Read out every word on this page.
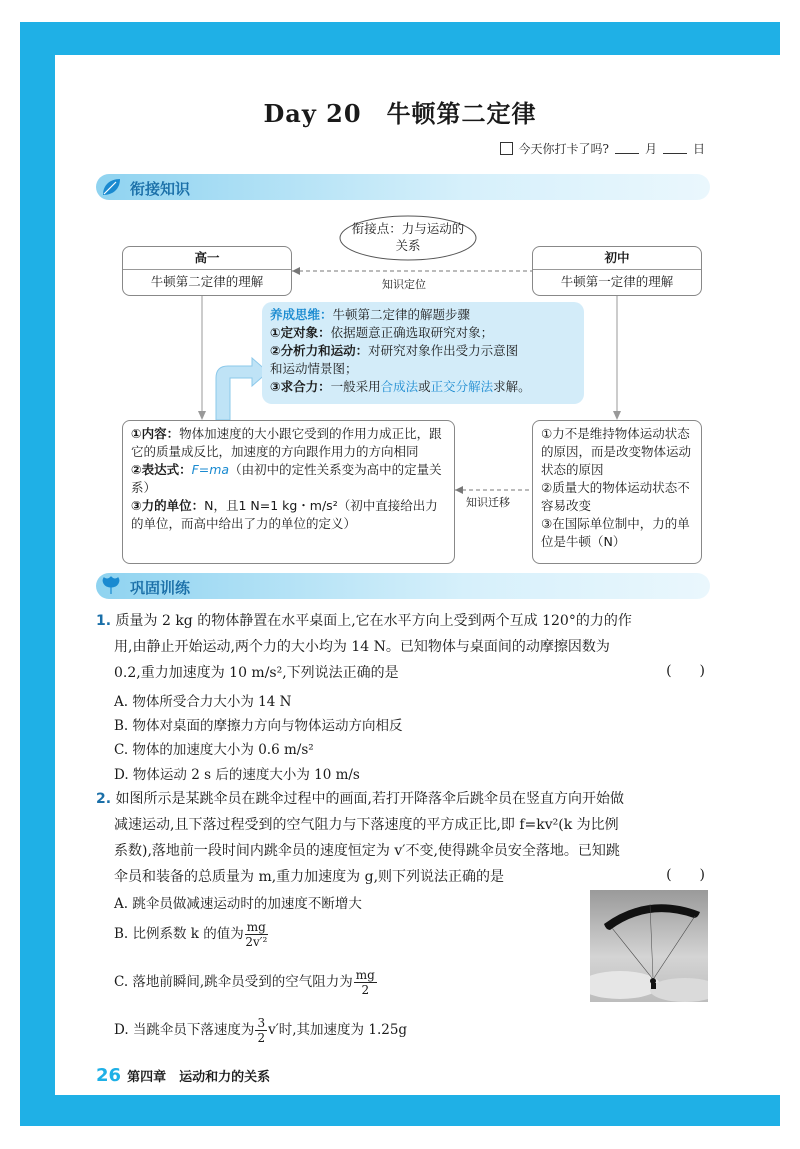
Day 20　牛顿第二定律
今天你打卡了吗?	月	日
衔接知识
衔接点：力与运动的关系
高一
牛顿第二定律的理解
初中
牛顿第一定律的理解
知识定位
养成思维：牛顿第二定律的解题步骤
①定对象：依据题意正确选取研究对象；
②分析力和运动：对研究对象作出受力示意图
和运动情景图；
③求合力：一般采用合成法或正交分解法求解。
①内容：物体加速度的大小跟它受到的作用力成正比，跟它的质量成反比，加速度的方向跟作用力的方向相同
②表达式：F=ma（由初中的定性关系变为高中的定量关系）
③力的单位：N，且1 N=1 kg・m/s²（初中直接给出力的单位，而高中给出了力的单位的定义）
知识迁移
①力不是维持物体运动状态的原因，而是改变物体运动状态的原因
②质量大的物体运动状态不容易改变
③在国际单位制中，力的单位是牛顿（N）
巩固训练
1. 质量为 2 kg 的物体静置在水平桌面上,它在水平方向上受到两个互成 120°的力的作
用,由静止开始运动,两个力的大小均为 14 N。已知物体与桌面间的动摩擦因数为
0.2,重力加速度为 10 m/s²,下列说法正确的是	(　　)
A. 物体所受合力大小为 14 N
B. 物体对桌面的摩擦力方向与物体运动方向相反
C. 物体的加速度大小为 0.6 m/s²
D. 物体运动 2 s 后的速度大小为 10 m/s
2. 如图所示是某跳伞员在跳伞过程中的画面,若打开降落伞后跳伞员在竖直方向开始做
减速运动,且下落过程受到的空气阻力与下落速度的平方成正比,即 f=kv²(k 为比例
系数),落地前一段时间内跳伞员的速度恒定为 v′不变,使得跳伞员安全落地。已知跳
伞员和装备的总质量为 m,重力加速度为 g,则下列说法正确的是	(　　)
A. 跳伞员做减速运动时的加速度不断增大
B. 比例系数 k 的值为 $\frac{mg}{\text{2v′²}}$
C. 落地前瞬间,跳伞员受到的空气阻力为 $\frac{mg}{2}$
D. 当跳伞员下落速度为 $\frac{3}{2} v'$时,其加速度为 1.25g
26 第四章　运动和力的关系
